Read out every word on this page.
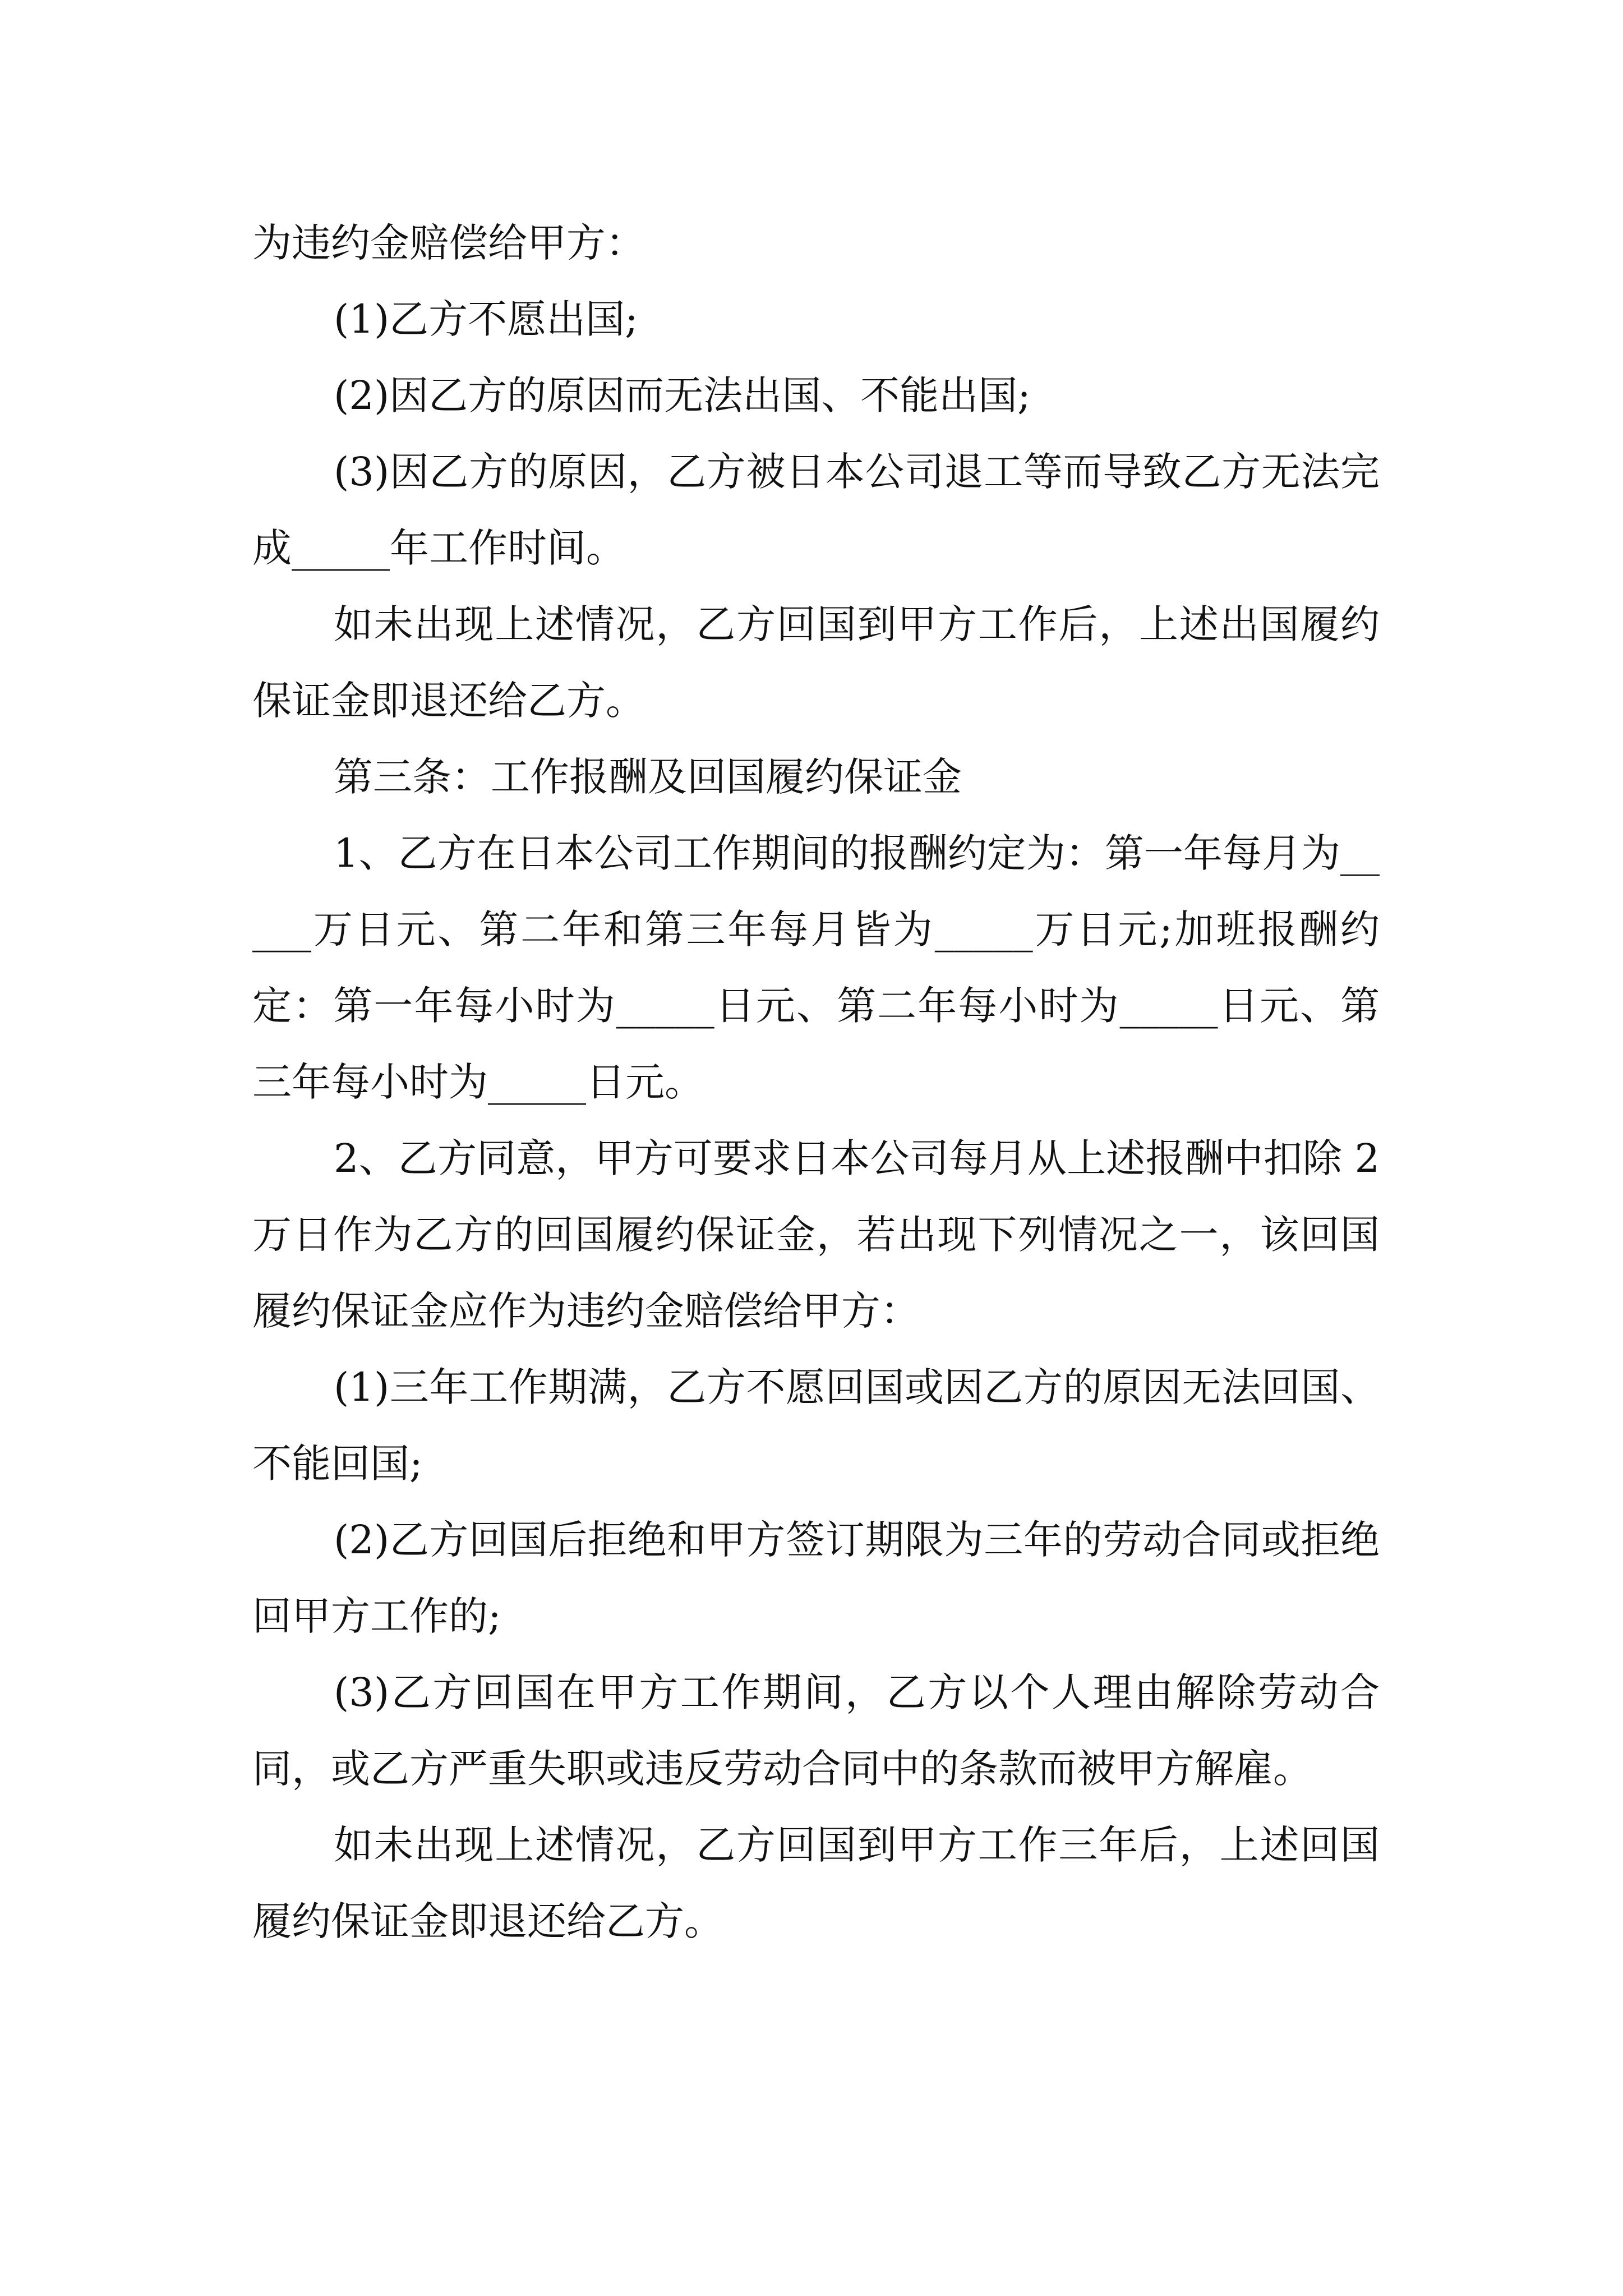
为违约金赔偿给甲方：

(1)乙方不愿出国;

(2)因乙方的原因而无法出国、不能出国;

(3)因乙方的原因，乙方被日本公司退工等而导致乙方无法完成_____年工作时间。

如未出现上述情况，乙方回国到甲方工作后，上述出国履约保证金即退还给乙方。

第三条：工作报酬及回国履约保证金

1、乙方在日本公司工作期间的报酬约定为：第一年每月为_____万日元、第二年和第三年每月皆为_____万日元;加班报酬约定：第一年每小时为_____日元、第二年每小时为_____日元、第三年每小时为_____日元。

2、乙方同意，甲方可要求日本公司每月从上述报酬中扣除 2 万日作为乙方的回国履约保证金，若出现下列情况之一，该回国履约保证金应作为违约金赔偿给甲方：

(1)三年工作期满，乙方不愿回国或因乙方的原因无法回国、不能回国;

(2)乙方回国后拒绝和甲方签订期限为三年的劳动合同或拒绝回甲方工作的;

(3)乙方回国在甲方工作期间，乙方以个人理由解除劳动合同，或乙方严重失职或违反劳动合同中的条款而被甲方解雇。

如未出现上述情况，乙方回国到甲方工作三年后，上述回国履约保证金即退还给乙方。
